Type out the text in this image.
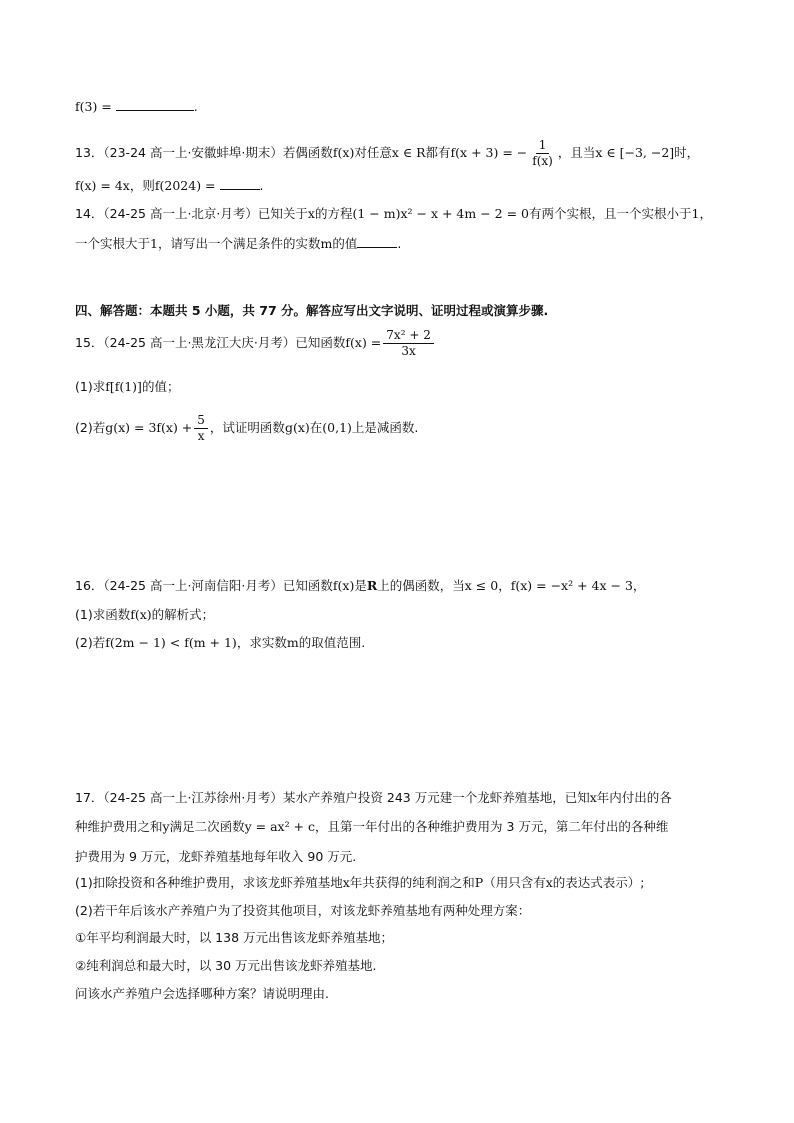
f(3) =	.
13．（23-24 高一上·安徽蚌埠·期末）若偶函数f(x)对任意x ∈ R都有f(x + 3) = − $\frac{1}{f(x)}$ ，且当x ∈ [−3, −2]时，
f(x) = 4x，则f(2024) =	.
14．（24-25 高一上·北京·月考）已知关于x的方程(1 − m)x² − x + 4m − 2 = 0有两个实根，且一个实根小于1，
一个实根大于1，请写出一个满足条件的实数m的值	.
四、解答题：本题共 5 小题，共 77 分。解答应写出文字说明、证明过程或演算步骤.
15．（24-25 高一上·黑龙江大庆·月考）已知函数$f(x) = \frac{\text{7x² + 2}}{3x}$
(1)求f[f(1)]的值；
(2)若$g(x) = 3f(x) + \frac{5}{x}$ ，试证明函数g(x)在(0,1)上是减函数.
16．（24-25 高一上·河南信阳·月考）已知函数f(x)是R上的偶函数，当x ≤ 0，f(x) = −x² + 4x − 3，
(1)求函数f(x)的解析式；
(2)若f(2m − 1) < f(m + 1)，求实数m的取值范围.
17．（24-25 高一上·江苏徐州·月考）某水产养殖户投资 243 万元建一个龙虾养殖基地，已知x年内付出的各
种维护费用之和y满足二次函数y = ax² + c，且第一年付出的各种维护费用为 3 万元，第二年付出的各种维
护费用为 9 万元，龙虾养殖基地每年收入 90 万元.
(1)扣除投资和各种维护费用，求该龙虾养殖基地x年共获得的纯利润之和P（用只含有x的表达式表示）;
(2)若干年后该水产养殖户为了投资其他项目，对该龙虾养殖基地有两种处理方案：
①年平均利润最大时，以 138 万元出售该龙虾养殖基地；
②纯利润总和最大时，以 30 万元出售该龙虾养殖基地.
问该水产养殖户会选择哪种方案？请说明理由.
